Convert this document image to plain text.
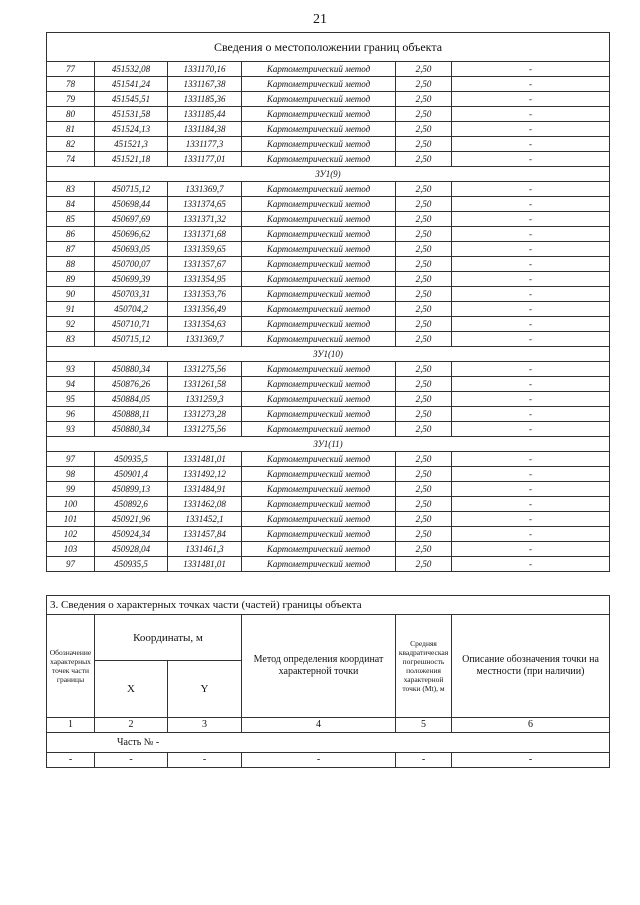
21
Сведения о местоположении границ объекта					
77	451532,08	1331170,16	Картометрический метод	2,50	-
78	451541,24	1331167,38	Картометрический метод	2,50	-
79	451545,51	1331185,36	Картометрический метод	2,50	-
80	451531,58	1331185,44	Картометрический метод	2,50	-
81	451524,13	1331184,38	Картометрический метод	2,50	-
82	451521,3	1331177,3	Картометрический метод	2,50	-
74	451521,18	1331177,01	Картометрический метод	2,50	-
ЗУ1(9)					
83	450715,12	1331369,7	Картометрический метод	2,50	-
84	450698,44	1331374,65	Картометрический метод	2,50	-
85	450697,69	1331371,32	Картометрический метод	2,50	-
86	450696,62	1331371,68	Картометрический метод	2,50	-
87	450693,05	1331359,65	Картометрический метод	2,50	-
88	450700,07	1331357,67	Картометрический метод	2,50	-
89	450699,39	1331354,95	Картометрический метод	2,50	-
90	450703,31	1331353,76	Картометрический метод	2,50	-
91	450704,2	1331356,49	Картометрический метод	2,50	-
92	450710,71	1331354,63	Картометрический метод	2,50	-
83	450715,12	1331369,7	Картометрический метод	2,50	-
ЗУ1(10)					
93	450880,34	1331275,56	Картометрический метод	2,50	-
94	450876,26	1331261,58	Картометрический метод	2,50	-
95	450884,05	1331259,3	Картометрический метод	2,50	-
96	450888,11	1331273,28	Картометрический метод	2,50	-
93	450880,34	1331275,56	Картометрический метод	2,50	-
ЗУ1(11)					
97	450935,5	1331481,01	Картометрический метод	2,50	-
98	450901,4	1331492,12	Картометрический метод	2,50	-
99	450899,13	1331484,91	Картометрический метод	2,50	-
100	450892,6	1331462,08	Картометрический метод	2,50	-
101	450921,96	1331452,1	Картометрический метод	2,50	-
102	450924,34	1331457,84	Картометрический метод	2,50	-
103	450928,04	1331461,3	Картометрический метод	2,50	-
97	450935,5	1331481,01	Картометрический метод	2,50	-
3. Сведения о характерных точках части (частей) границы объекта					
Обозначение характерных точек части границы	Координаты, м		Метод определения координат характерной точки	Средняя квадратическая погрешность положения характерной точки (Mt), м	Описание обозначения точки на местности (при наличии)
	X	Y			
1	2	3	4	5	6
Часть № -					
-	-	-	-	-	-
